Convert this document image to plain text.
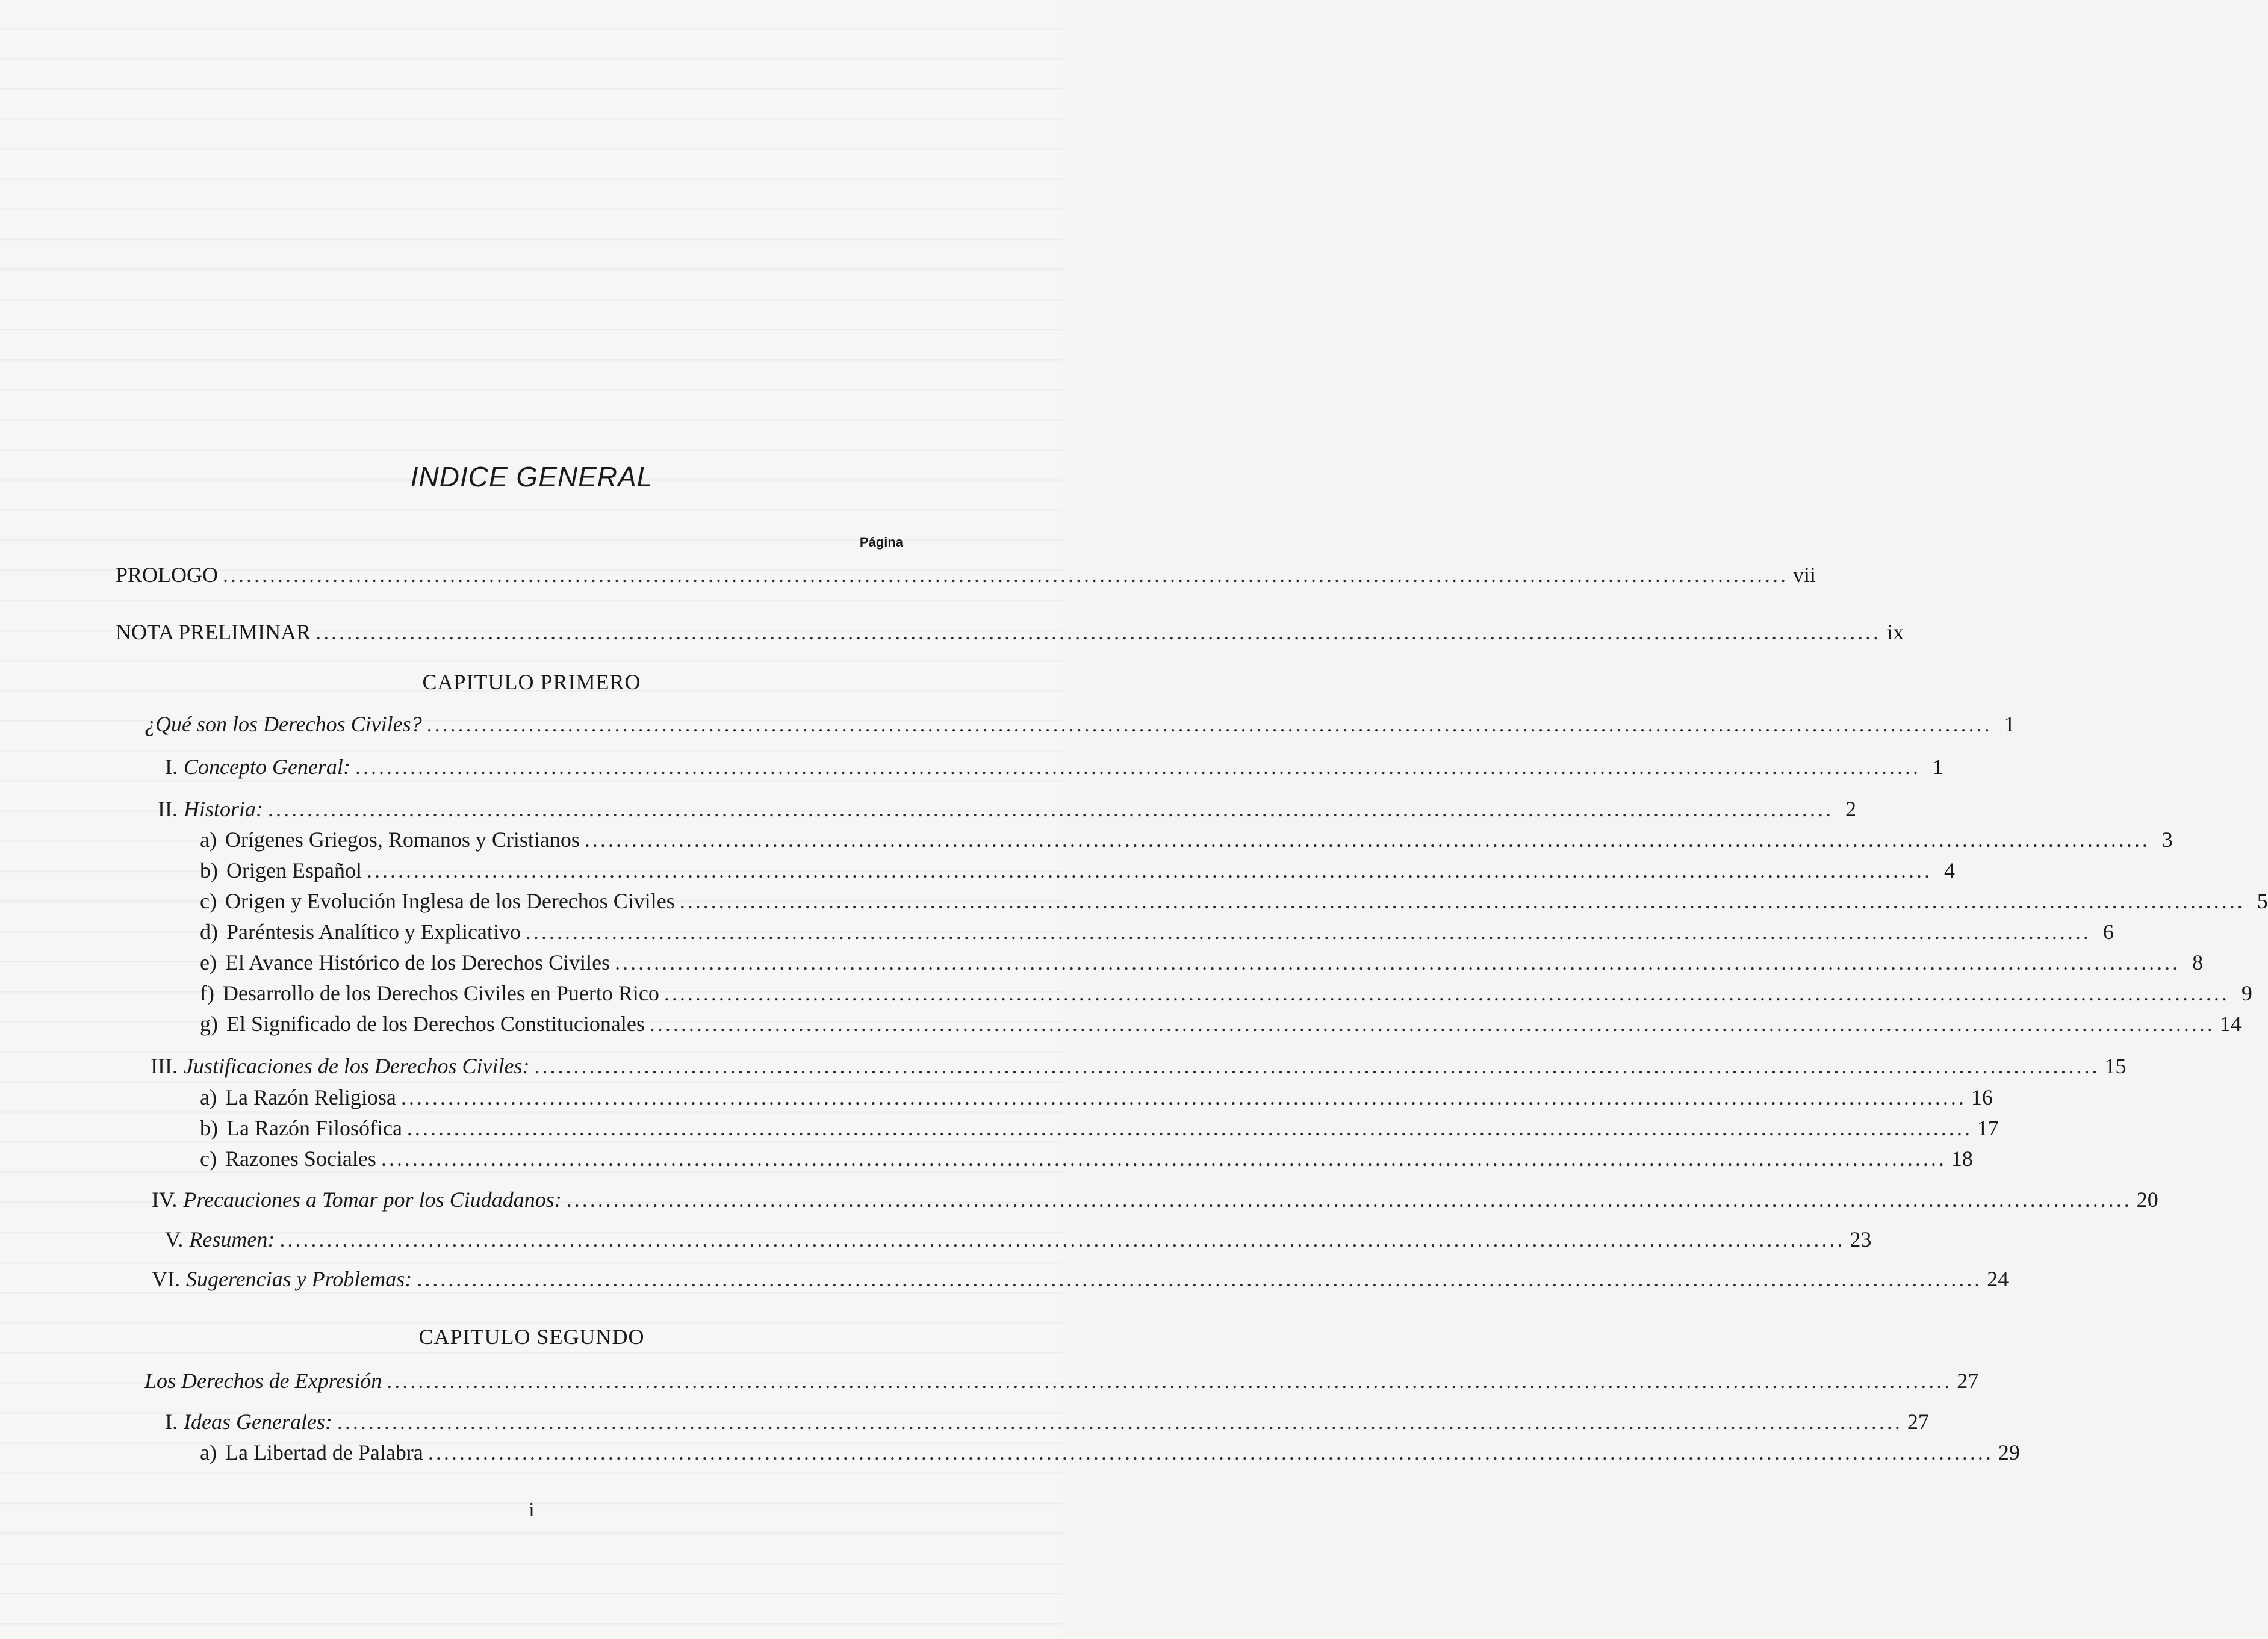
INDICE GENERAL
Página
CAPITULO PRIMERO
CAPITULO SEGUNDO
PROLOGO ........................................................................................................................................................................................................ vii
NOTA PRELIMINAR ........................................................................................................................................................................................................ ix
¿Qué son los Derechos Civiles? ........................................................................................................................................................................................................ 1
I. Concepto General: ........................................................................................................................................................................................................ 1
II. Historia: ........................................................................................................................................................................................................ 2
a) Orígenes Griegos, Romanos y Cristianos ........................................................................................................................................................................................................ 3
b) Origen Español ........................................................................................................................................................................................................ 4
c) Origen y Evolución Inglesa de los Derechos Civiles ........................................................................................................................................................................................................ 5
d) Paréntesis Analítico y Explicativo ........................................................................................................................................................................................................ 6
e) El Avance Histórico de los Derechos Civiles ........................................................................................................................................................................................................ 8
f) Desarrollo de los Derechos Civiles en Puerto Rico ........................................................................................................................................................................................................ 9
g) El Significado de los Derechos Constitucionales ........................................................................................................................................................................................................ 14
III. Justificaciones de los Derechos Civiles: ........................................................................................................................................................................................................ 15
a) La Razón Religiosa ........................................................................................................................................................................................................ 16
b) La Razón Filosófica ........................................................................................................................................................................................................ 17
c) Razones Sociales ........................................................................................................................................................................................................ 18
IV. Precauciones a Tomar por los Ciudadanos: ........................................................................................................................................................................................................ 20
V. Resumen: ........................................................................................................................................................................................................ 23
VI. Sugerencias y Problemas: ........................................................................................................................................................................................................ 24
Los Derechos de Expresión ........................................................................................................................................................................................................ 27
I. Ideas Generales: ........................................................................................................................................................................................................ 27
a) La Libertad de Palabra ........................................................................................................................................................................................................ 29
i
